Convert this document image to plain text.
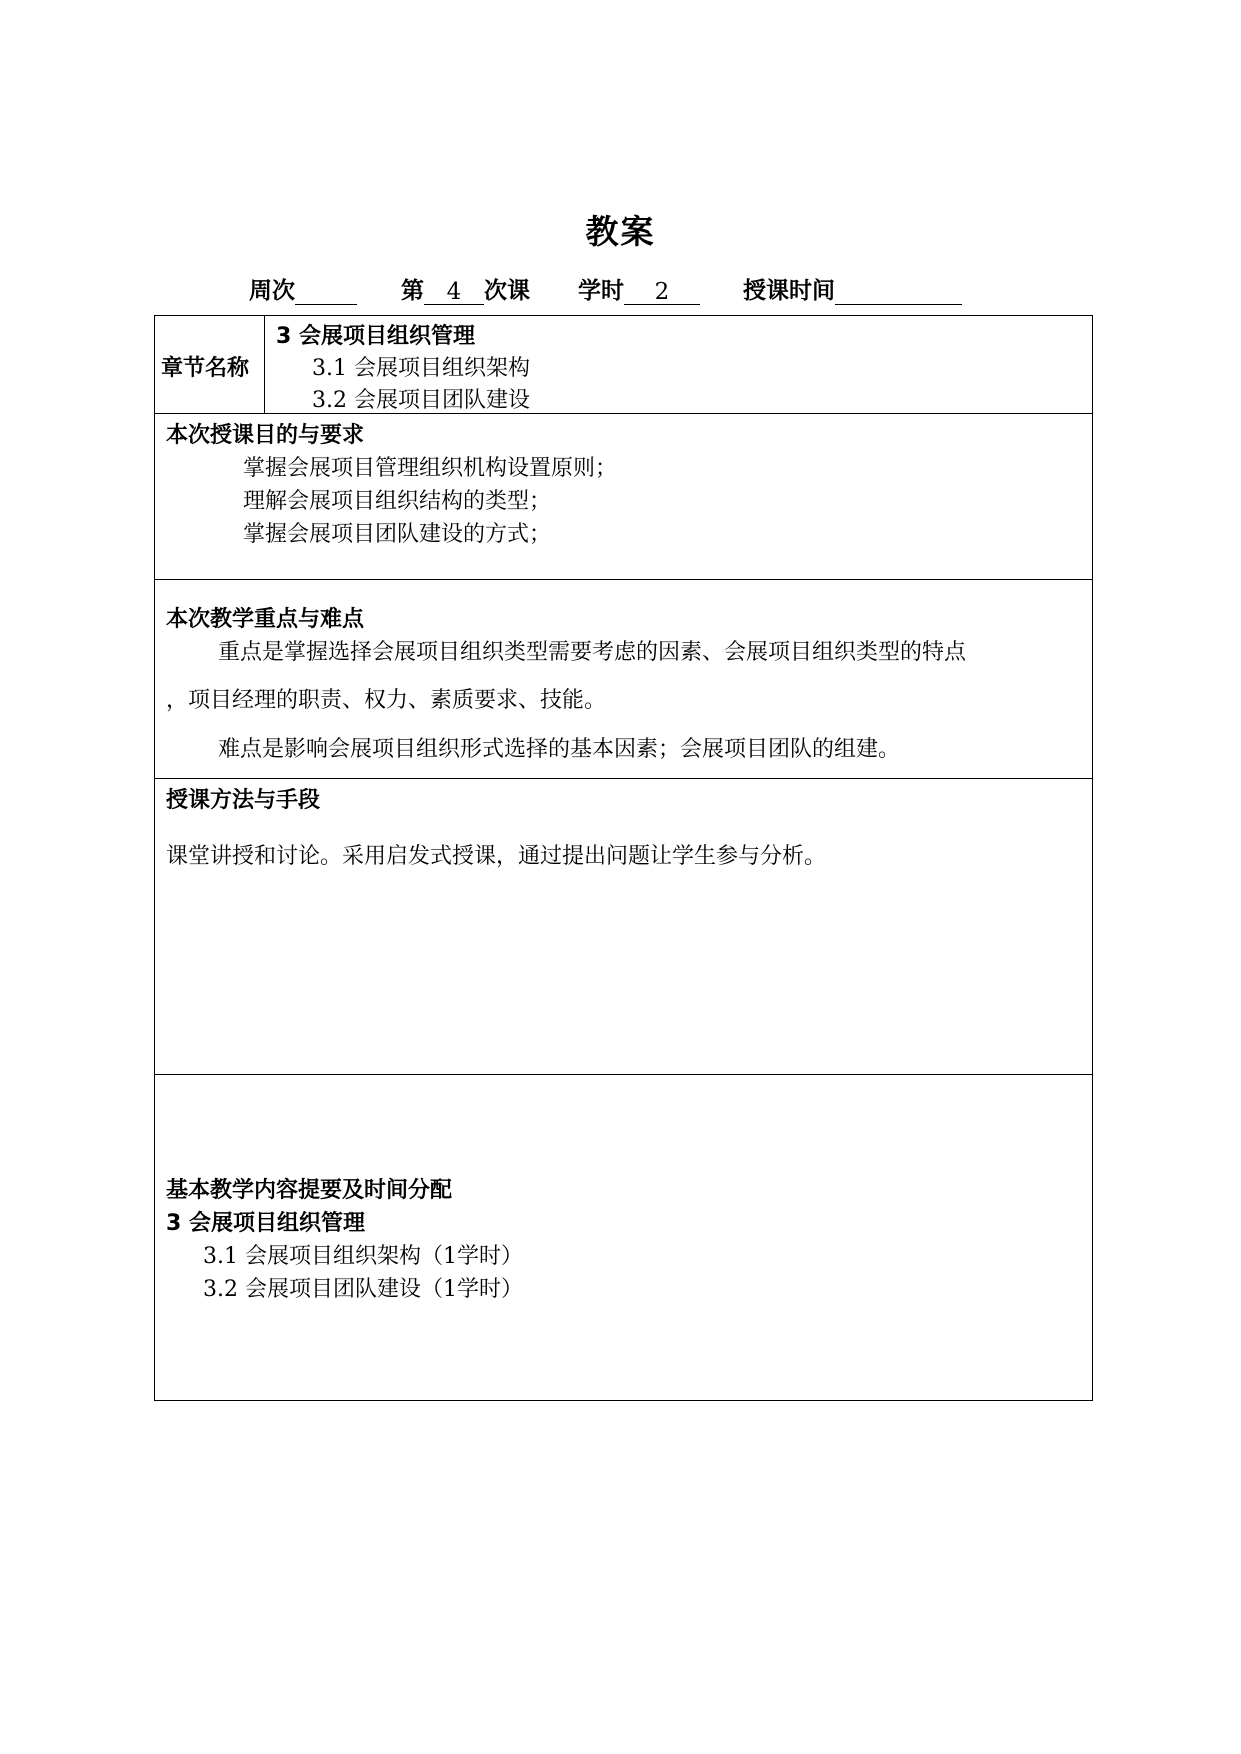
教案
周次	第 4 次课 学时 2	授课时间
章节名称
3 会展项目组织管理
3.1 会展项目组织架构
3.2 会展项目团队建设
本次授课目的与要求
掌握会展项目管理组织机构设置原则；
理解会展项目组织结构的类型；
掌握会展项目团队建设的方式；
本次教学重点与难点
重点是掌握选择会展项目组织类型需要考虑的因素、会展项目组织类型的特点
，项目经理的职责、权力、素质要求、技能。
难点是影响会展项目组织形式选择的基本因素；会展项目团队的组建。
授课方法与手段
课堂讲授和讨论。采用启发式授课，通过提出问题让学生参与分析。
基本教学内容提要及时间分配
3 会展项目组织管理
3.1 会展项目组织架构（1学时）
3.2 会展项目团队建设（1学时）
